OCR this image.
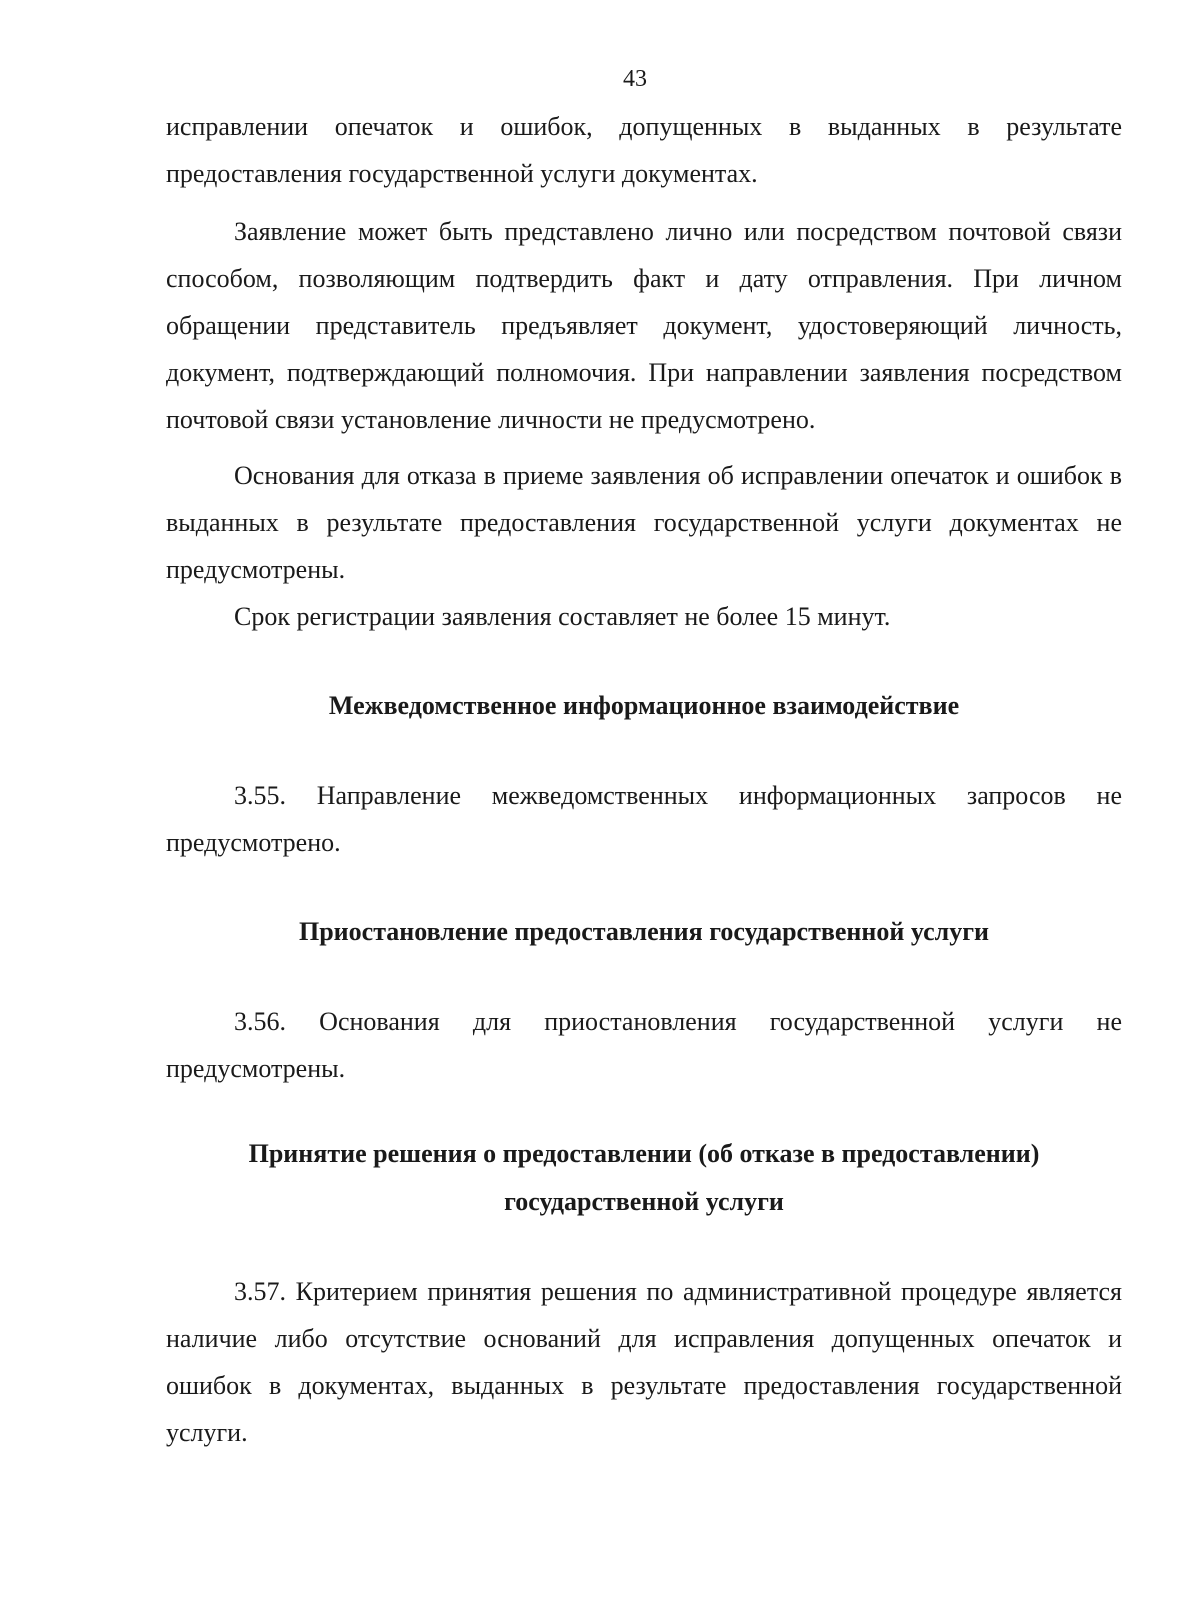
43

исправлении опечаток и ошибок, допущенных в выданных в результате предоставления государственной услуги документах.

Заявление может быть представлено лично или посредством почтовой связи способом, позволяющим подтвердить факт и дату отправления. При личном обращении представитель предъявляет документ, удостоверяющий личность, документ, подтверждающий полномочия. При направлении заявления посредством почтовой связи установление личности не предусмотрено.

Основания для отказа в приеме заявления об исправлении опечаток и ошибок в выданных в результате предоставления государственной услуги документах не предусмотрены.

Срок регистрации заявления составляет не более 15 минут.

Межведомственное информационное взаимодействие

3.55. Направление межведомственных информационных запросов не предусмотрено.

Приостановление предоставления государственной услуги

3.56. Основания для приостановления государственной услуги не предусмотрены.

Принятие решения о предоставлении (об отказе в предоставлении) государственной услуги

3.57. Критерием принятия решения по административной процедуре является наличие либо отсутствие оснований для исправления допущенных опечаток и ошибок в документах, выданных в результате предоставления государственной услуги.
